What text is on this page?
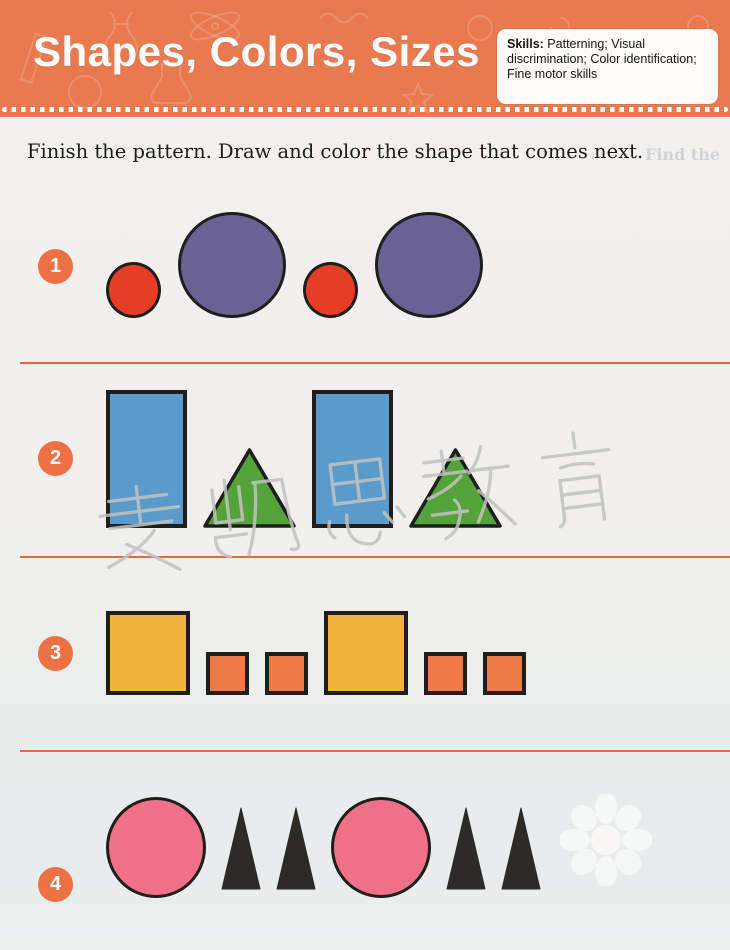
Shapes, Colors, Sizes Skills: Patterning; Visual discrimination; Color identification; Fine motor skills

Finish the pattern. Draw and color the shape that comes next. Find the
1
2
3
4
